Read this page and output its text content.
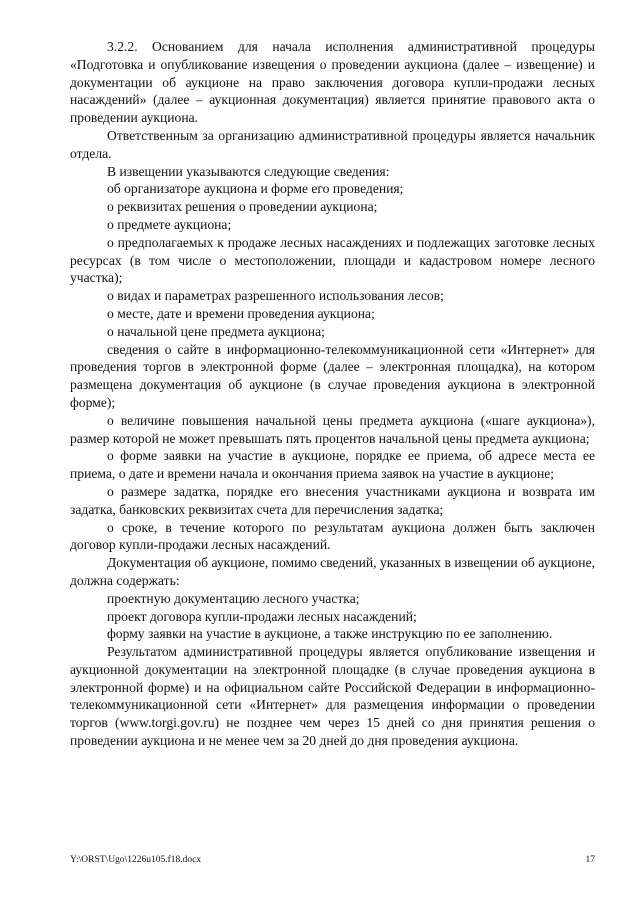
3.2.2. Основанием для начала исполнения административной процедуры «Подготовка и опубликование извещения о проведении аукциона (далее – извещение) и документации об аукционе на право заключения договора купли-продажи лесных насаждений» (далее – аукционная документация) является принятие правового акта о проведении аукциона.

Ответственным за организацию административной процедуры является начальник отдела.

В извещении указываются следующие сведения:

об организаторе аукциона и форме его проведения;

о реквизитах решения о проведении аукциона;

о предмете аукциона;

о предполагаемых к продаже лесных насаждениях и подлежащих заготовке лесных ресурсах (в том числе о местоположении, площади и кадастровом номере лесного участка);

о видах и параметрах разрешенного использования лесов;

о месте, дате и времени проведения аукциона;

о начальной цене предмета аукциона;

сведения о сайте в информационно-телекоммуникационной сети «Интернет» для проведения торгов в электронной форме (далее – электронная площадка), на котором размещена документация об аукционе (в случае проведения аукциона в электронной форме);

о величине повышения начальной цены предмета аукциона («шаге аукциона»), размер которой не может превышать пять процентов начальной цены предмета аукциона;

о форме заявки на участие в аукционе, порядке ее приема, об адресе места ее приема, о дате и времени начала и окончания приема заявок на участие в аукционе;

о размере задатка, порядке его внесения участниками аукциона и возврата им задатка, банковских реквизитах счета для перечисления задатка;

о сроке, в течение которого по результатам аукциона должен быть заключен договор купли-продажи лесных насаждений.

Документация об аукционе, помимо сведений, указанных в извещении об аукционе, должна содержать:

проектную документацию лесного участка;

проект договора купли-продажи лесных насаждений;

форму заявки на участие в аукционе, а также инструкцию по ее заполнению.

Результатом административной процедуры является опубликование извещения и аукционной документации на электронной площадке (в случае проведения аукциона в электронной форме) и на официальном сайте Российской Федерации в информационно-телекоммуникационной сети «Интернет» для размещения информации о проведении торгов (www.torgi.gov.ru) не позднее чем через 15 дней со дня принятия решения о проведении аукциона и не менее чем за 20 дней до дня проведения аукциона.

Y:\ORST\Ugo\1226u105.f18.docx	17
